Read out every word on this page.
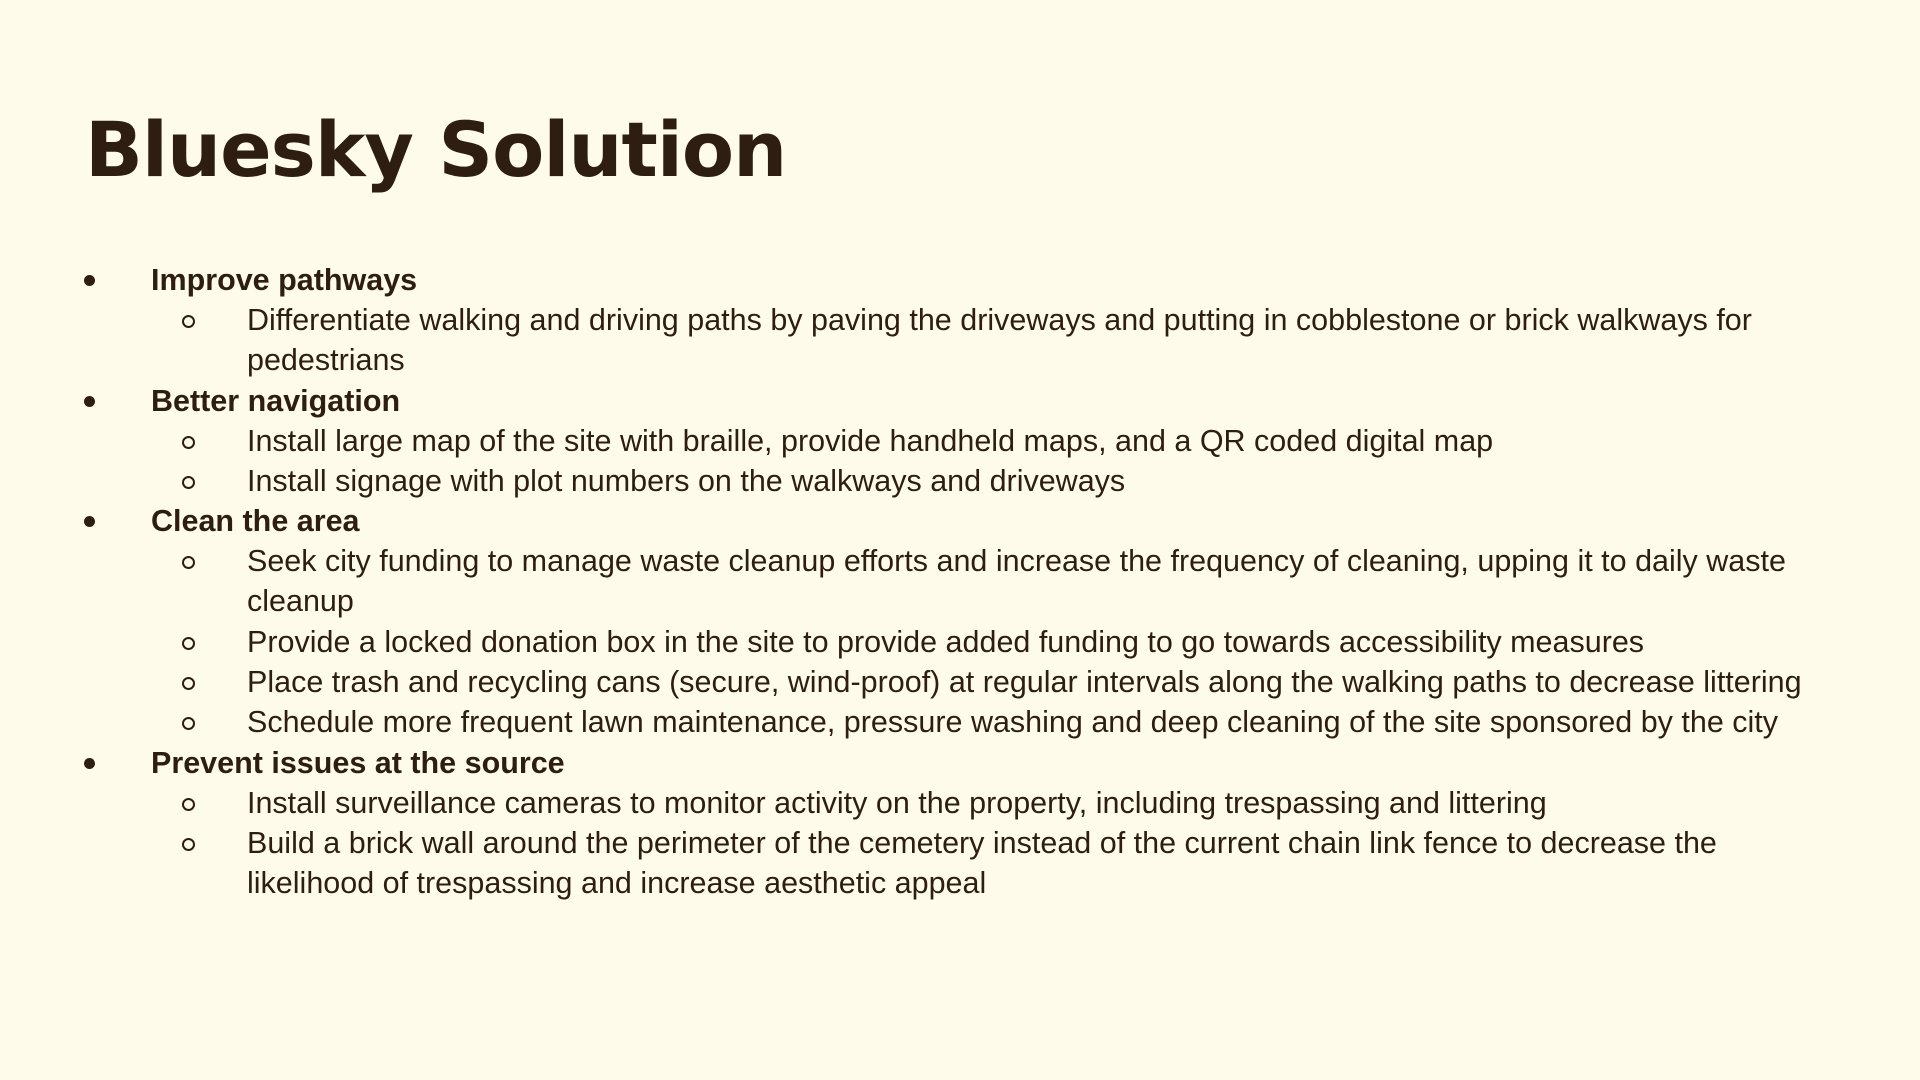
Bluesky Solution
Improve pathways
Differentiate walking and driving paths by paving the driveways and putting in cobblestone or brick walkways for pedestrians
Better navigation
Install large map of the site with braille, provide handheld maps, and a QR coded digital map
Install signage with plot numbers on the walkways and driveways
Clean the area
Seek city funding to manage waste cleanup efforts and increase the frequency of cleaning, upping it to daily waste cleanup
Provide a locked donation box in the site to provide added funding to go towards accessibility measures
Place trash and recycling cans (secure, wind-proof) at regular intervals along the walking paths to decrease littering
Schedule more frequent lawn maintenance, pressure washing and deep cleaning of the site sponsored by the city
Prevent issues at the source
Install surveillance cameras to monitor activity on the property, including trespassing and littering
Build a brick wall around the perimeter of the cemetery instead of the current chain link fence to decrease the likelihood of trespassing and increase aesthetic appeal
